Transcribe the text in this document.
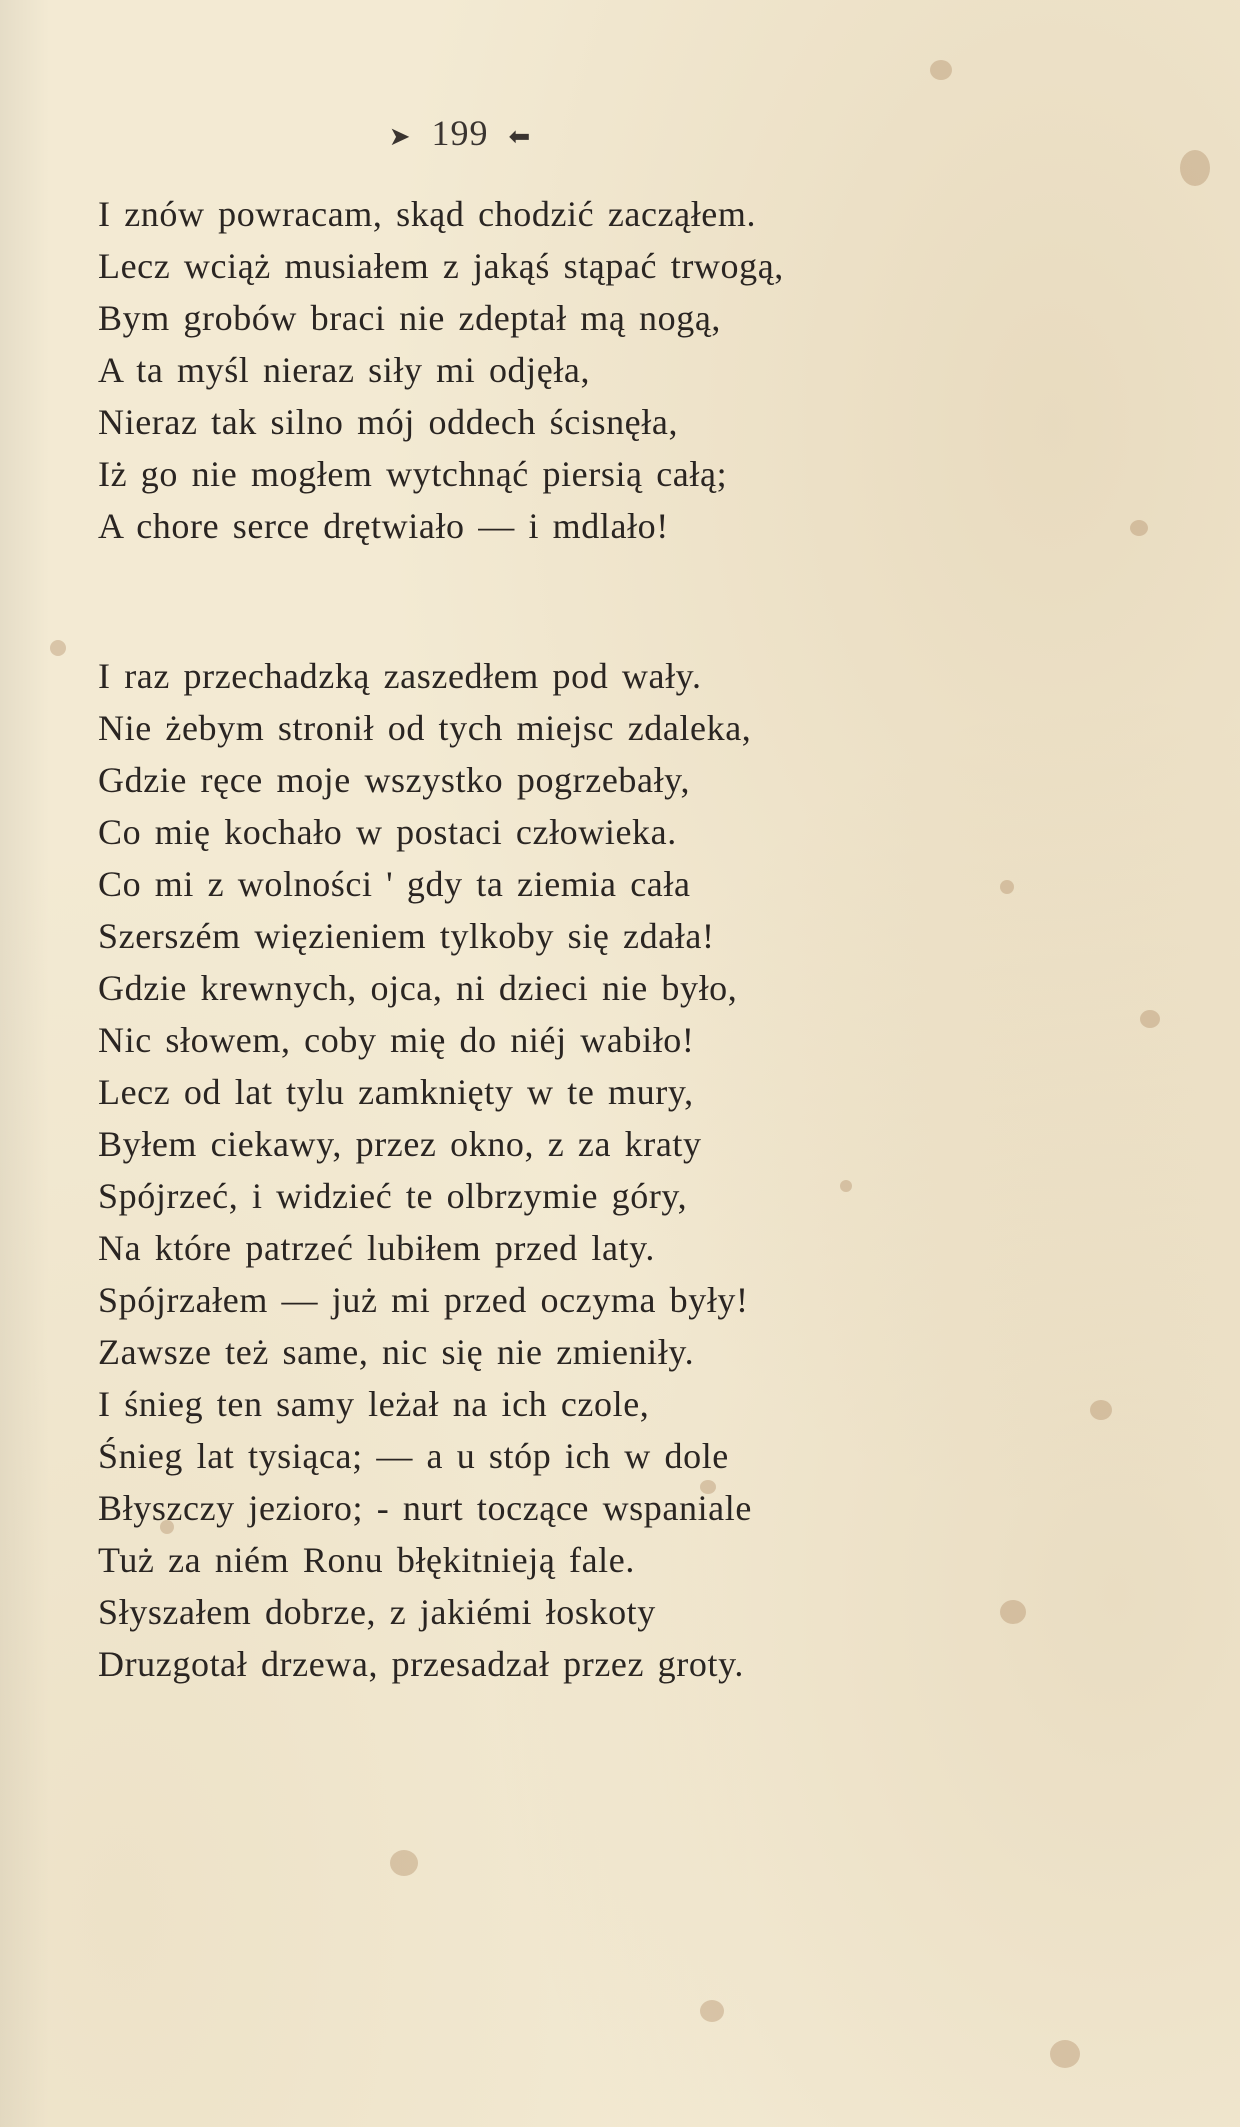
➤ 199 ⬅
I znów powracam, skąd chodzić zacząłem.
Lecz wciąż musiałem z jakąś stąpać trwogą,
Bym grobów braci nie zdeptał mą nogą,
A ta myśl nieraz siły mi odjęła,
Nieraz tak silno mój oddech ścisnęła,
Iż go nie mogłem wytchnąć piersią całą;
A chore serce drętwiało — i mdlało!
I raz przechadzką zaszedłem pod wały.
Nie żebym stronił od tych miejsc zdaleka,
Gdzie ręce moje wszystko pogrzebały,
Co mię kochało w postaci człowieka.
Co mi z wolności ' gdy ta ziemia cała
Szerszém więzieniem tylkoby się zdała!
Gdzie krewnych, ojca, ni dzieci nie było,
Nic słowem, coby mię do niéj wabiło!
Lecz od lat tylu zamknięty w te mury,
Byłem ciekawy, przez okno, z za kraty
Spójrzeć, i widzieć te olbrzymie góry,
Na które patrzeć lubiłem przed laty.
Spójrzałem — już mi przed oczyma były!
Zawsze też same, nic się nie zmieniły.
I śnieg ten samy leżał na ich czole,
Śnieg lat tysiąca; — a u stóp ich w dole
Błyszczy jezioro; - nurt toczące wspaniale
Tuż za niém Ronu błękitnieją fale.
Słyszałem dobrze, z jakiémi łoskoty
Druzgotał drzewa, przesadzał przez groty.
